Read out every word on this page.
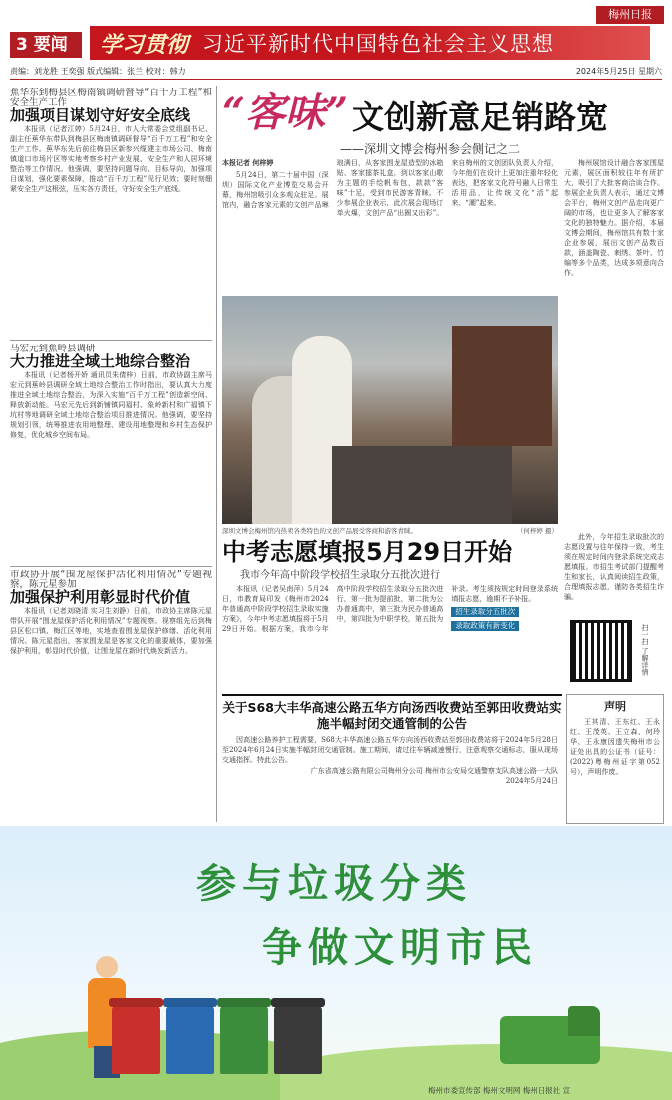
3 要闻
梅州日报
学习贯彻 习近平新时代中国特色社会主义思想
责编：刘龙胜 王奕强 版式编辑：张兰 校对：韩力	2024年5月25日 星期六
蕉华东到梅县区梅南镇调研督导“百千万工程”和安全生产工作
加强项目谋划守好安全底线

本报讯（记者江婷）5月24日，市人大常委会党组副书记、副主任蕉华东带队到梅县区梅南镇调研督导“百千万工程”和安全生产工作。蕉华东先后前往梅县区新参兴缆建主市场公司、梅南镇道口市场片区等实地考察乡村产业发展、安全生产和人居环境整治等工作情况。他强调，要坚持问题导向、目标导向，加强项目谋划，强化要素保障，推动“百千万工程”见行见效；要时刻绷紧安全生产这根弦，压实各方责任，守好安全生产底线。

马宏元到蕉岭县调研
大力推进全域土地综合整治

本报讯（记者杨开娇 通讯员朱倩梓）日前，市政协副主席马宏元到蕉岭县调研全域土地综合整治工作时指出，要认真大力度推进全域土地综合整治，为深入实施“百千万工程”创造新空间、释放新动能。马宏元先后到新铺镇同福村、象岭新村和广福镇下坑村等地调研全域土地综合整治项目推进情况。他强调，要坚持规划引领，统筹推进农用地整理、建设用地整理和乡村生态保护修复，优化城乡空间布局。

市政协开展“围龙屋保护活化利用情况”专题视察，陈元星参加
加强保护利用彰显时代价值

本报讯（记者刘晓清 实习生刘静）日前，市政协主席陈元星带队开展“围龙屋保护活化利用情况”专题视察。视察组先后到梅县区松口镇、梅江区等地，实地查看围龙屋保护修缮、活化利用情况。陈元星指出，客家围龙屋是客家文化的重要载体，要加强保护利用，彰显时代价值，让围龙屋在新时代焕发新活力。

“客味” 文创新意足销路宽
——深圳文博会梅州参会侧记之二
本报记者 何梓婷

5月24日，第二十届中国（深圳）国际文化产业博览交易会开幕，梅州馆吸引众多观众驻足。展馆内，融合客家元素的文创产品琳琅满目，从客家围龙屋造型的冰箱贴、客家擂茶礼盒，到以客家山歌为主题的手绘帆布包，款款“客味”十足，受到市民游客青睐。不少参展企业表示，此次展会现场订单火爆，文创产品“出圈又出彩”。来自梅州的文创团队负责人介绍，今年他们在设计上更加注重年轻化表达，把客家文化符号融入日常生活用品，让传统文化“活”起来、“潮”起来。

深圳文博会梅州馆内热卖各类特色的文创产品展受客商和游客青睐。	（何梓婷 摄）

梅州展馆设计融合客家围屋元素，展区面积较往年有所扩大，吸引了大批客商洽谈合作。参展企业负责人表示，通过文博会平台，梅州文创产品走向更广阔的市场，也让更多人了解客家文化的独特魅力。据介绍，本届文博会期间，梅州馆共有数十家企业参展，展出文创产品数百款，涵盖陶瓷、刺绣、茶叶、竹编等多个品类，达成多项意向合作。

中考志愿填报5月29日开始
我市今年高中阶段学校招生录取分五批次进行

本报讯（记者吴南萍）5月24日，市教育局印发《梅州市2024年普通高中阶段学校招生录取实施方案》，今年中考志愿填报将于5月29日开始。根据方案，我市今年高中阶段学校招生录取分五批次进行，第一批为提前批，第二批为公办普通高中，第三批为民办普通高中，第四批为中职学校，第五批为补录。考生须按规定时间登录系统填报志愿，逾期不予补报。

招生录取分五批次 录取政策有新变化

此外，今年招生录取批次的志愿设置与往年保持一致，考生须在规定时间内登录系统完成志愿填报。市招生考试部门提醒考生和家长，认真阅读招生政策，合理填报志愿，谨防各类招生诈骗。

扫一扫 了解详情
关于S68大丰华高速公路五华方向汤西收费站至郭田收费站实施半幅封闭交通管制的公告

因高速公路养护工程需要，S68大丰华高速公路五华方向汤西收费站至郭田收费站将于2024年5月28日至2024年6月24日实施半幅封闭交通管制。施工期间，请过往车辆减速慢行，注意观察交通标志，服从现场交通指挥。特此公告。

广东省高速公路有限公司梅州分公司 梅州市公安局交通警察支队高速公路一大队
2024年5月24日
声明

王其清、王东红、王永红、王茂英、王立森、何玲华、王永康因遗失梅州市公证处出具的公证书（证号：(2022)粤梅州证字第052号），声明作废。

参与垃圾分类
争做文明市民
梅州市委宣传部 梅州文明网 梅州日报社 宣
